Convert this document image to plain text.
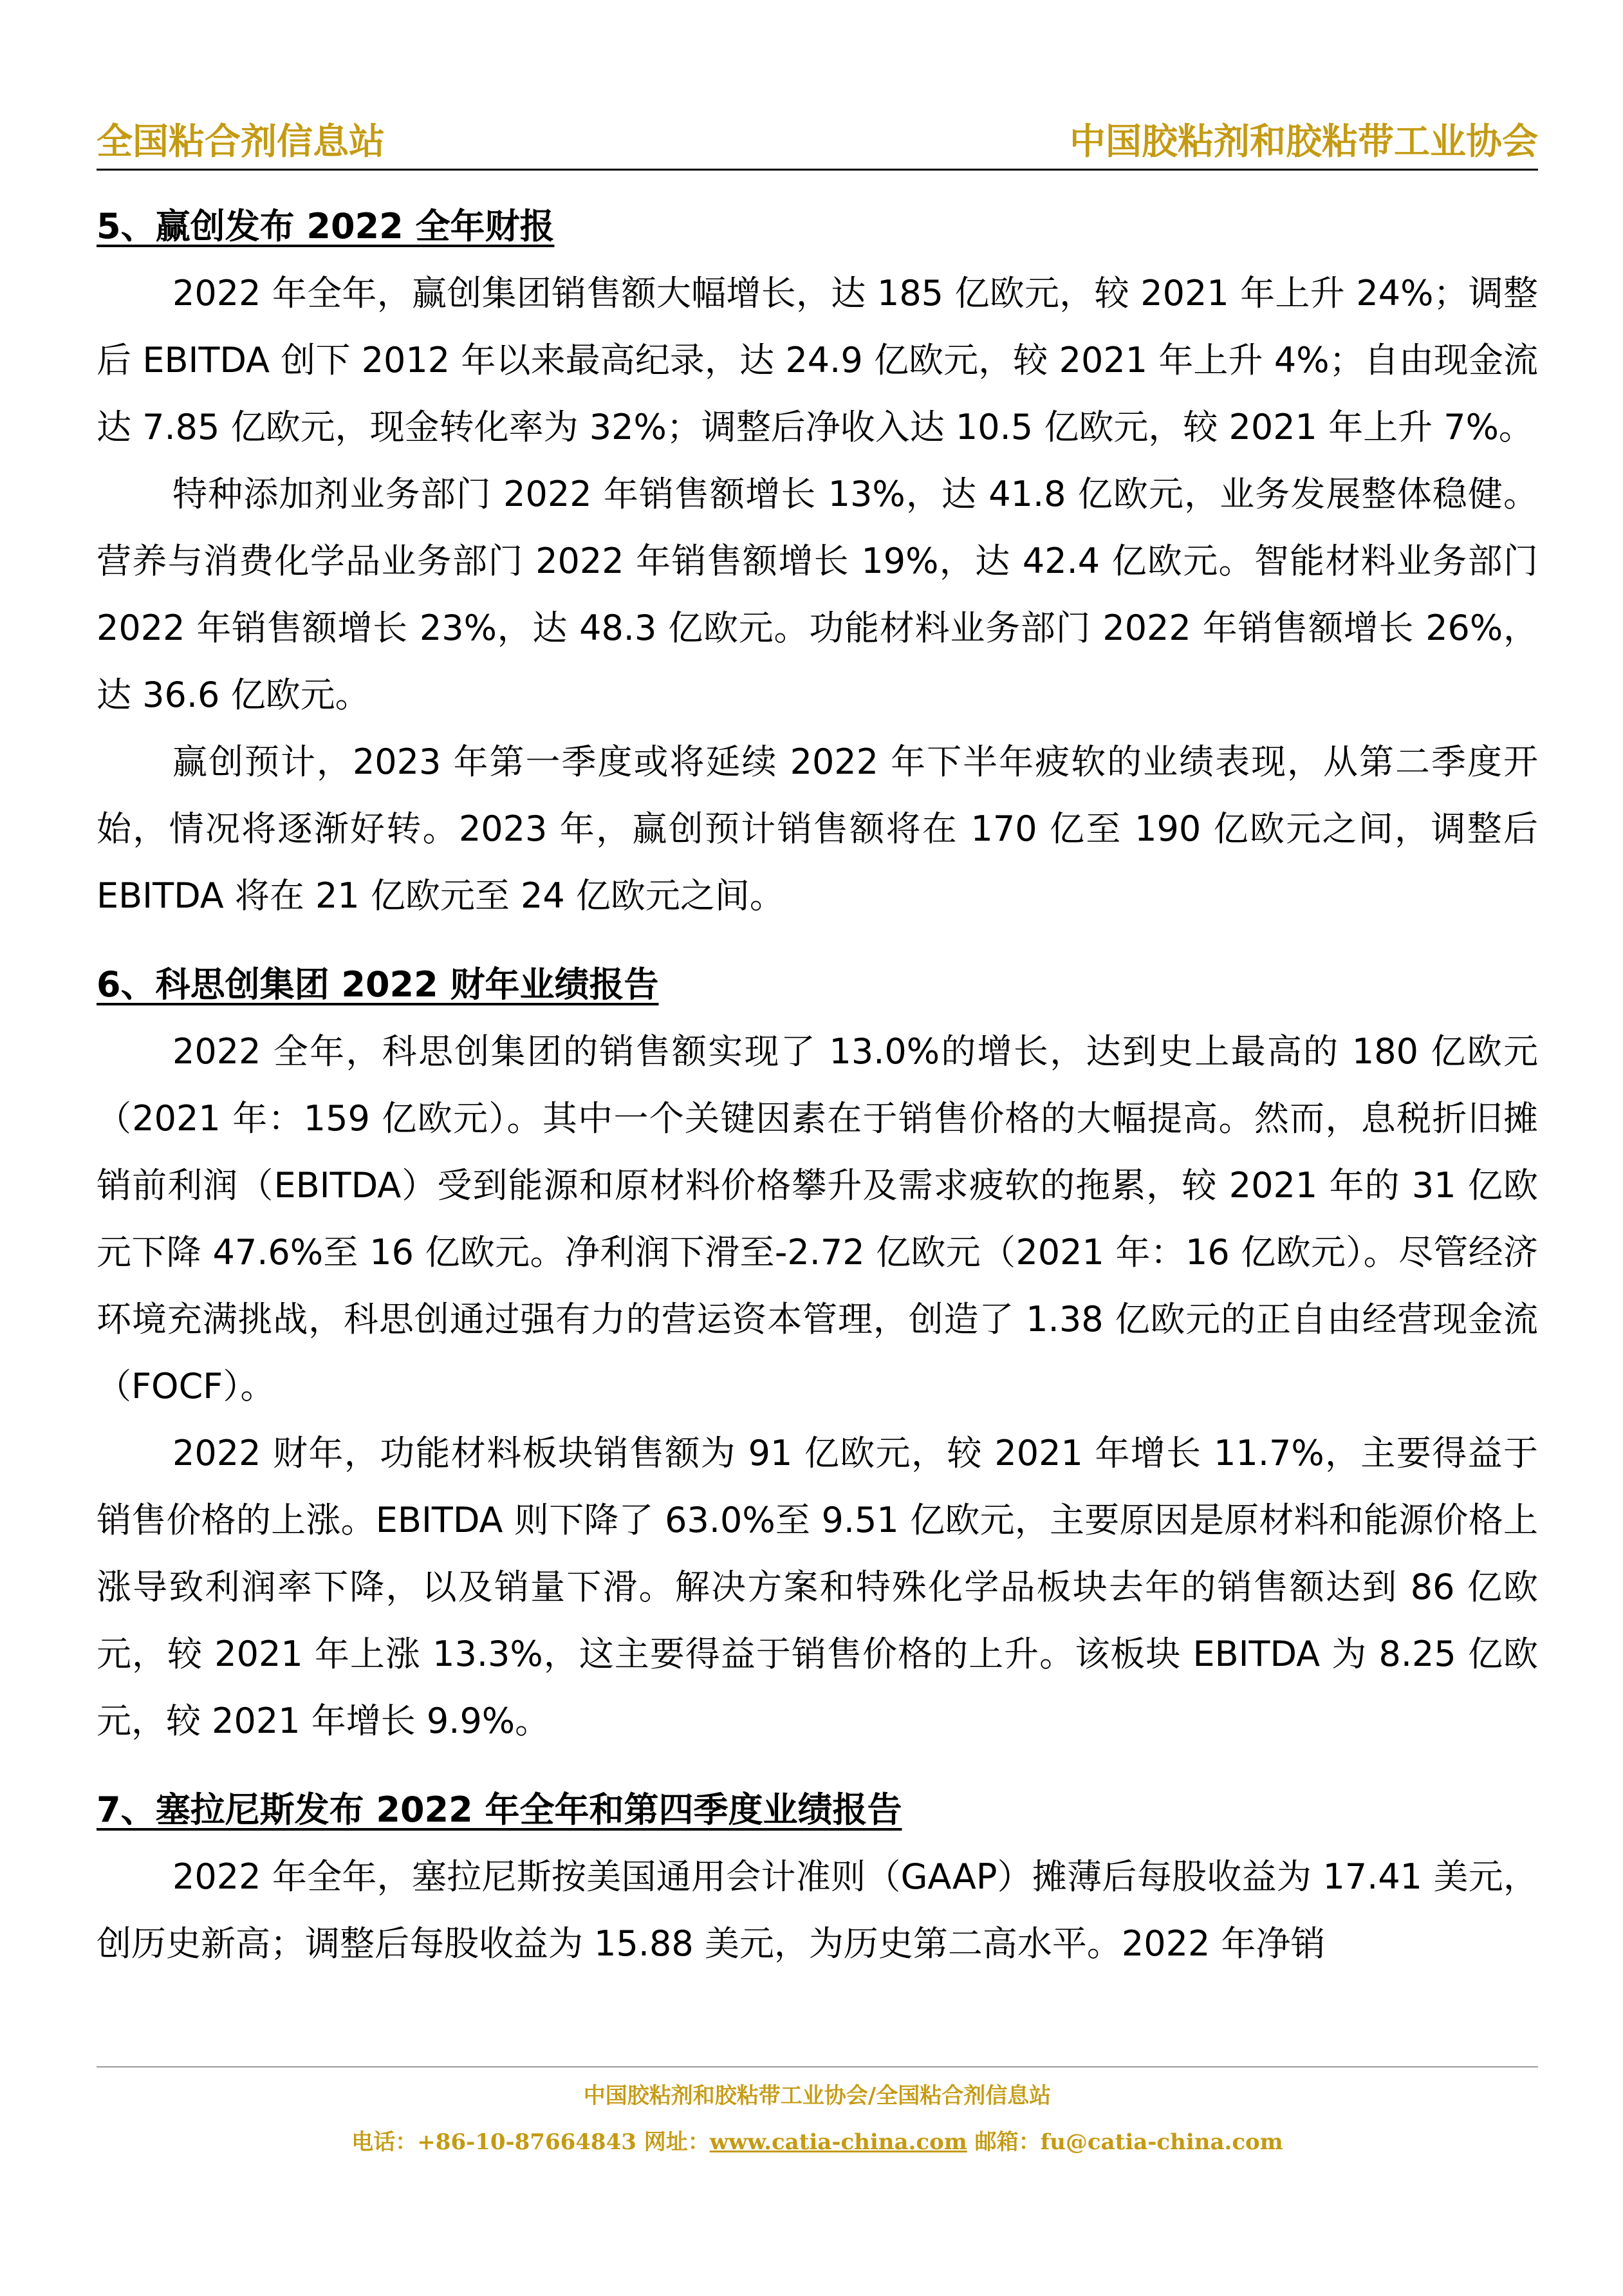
全国粘合剂信息站	中国胶粘剂和胶粘带工业协会
5、赢创发布 2022 全年财报

2022 年全年，赢创集团销售额大幅增长，达 185 亿欧元，较 2021 年上升 24%；调整后 EBITDA 创下 2012 年以来最高纪录，达 24.9 亿欧元，较 2021 年上升 4%；自由现金流达 7.85 亿欧元，现金转化率为 32%；调整后净收入达 10.5 亿欧元，较 2021 年上升 7%。

特种添加剂业务部门 2022 年销售额增长 13%，达 41.8 亿欧元，业务发展整体稳健。营养与消费化学品业务部门 2022 年销售额增长 19%，达 42.4 亿欧元。智能材料业务部门 2022 年销售额增长 23%，达 48.3 亿欧元。功能材料业务部门 2022 年销售额增长 26%，达 36.6 亿欧元。

赢创预计，2023 年第一季度或将延续 2022 年下半年疲软的业绩表现，从第二季度开始，情况将逐渐好转。2023 年，赢创预计销售额将在 170 亿至 190 亿欧元之间，调整后 EBITDA 将在 21 亿欧元至 24 亿欧元之间。

6、科思创集团 2022 财年业绩报告

2022 全年，科思创集团的销售额实现了 13.0%的增长，达到史上最高的 180 亿欧元（2021 年：159 亿欧元）。其中一个关键因素在于销售价格的大幅提高。然而，息税折旧摊销前利润（EBITDA）受到能源和原材料价格攀升及需求疲软的拖累，较 2021 年的 31 亿欧元下降 47.6%至 16 亿欧元。净利润下滑至-2.72 亿欧元（2021 年：16 亿欧元）。尽管经济环境充满挑战，科思创通过强有力的营运资本管理，创造了 1.38 亿欧元的正自由经营现金流（FOCF）。

2022 财年，功能材料板块销售额为 91 亿欧元，较 2021 年增长 11.7%，主要得益于销售价格的上涨。EBITDA 则下降了 63.0%至 9.51 亿欧元，主要原因是原材料和能源价格上涨导致利润率下降，以及销量下滑。解决方案和特殊化学品板块去年的销售额达到 86 亿欧元，较 2021 年上涨 13.3%，这主要得益于销售价格的上升。该板块 EBITDA 为 8.25 亿欧元，较 2021 年增长 9.9%。

7、塞拉尼斯发布 2022 年全年和第四季度业绩报告

2022 年全年，塞拉尼斯按美国通用会计准则（GAAP）摊薄后每股收益为 17.41 美元，创历史新高；调整后每股收益为 15.88 美元，为历史第二高水平。2022 年净销

中国胶粘剂和胶粘带工业协会/全国粘合剂信息站
电话：+86-10-87664843 网址：www.catia-china.com 邮箱：fu@catia-china.com
